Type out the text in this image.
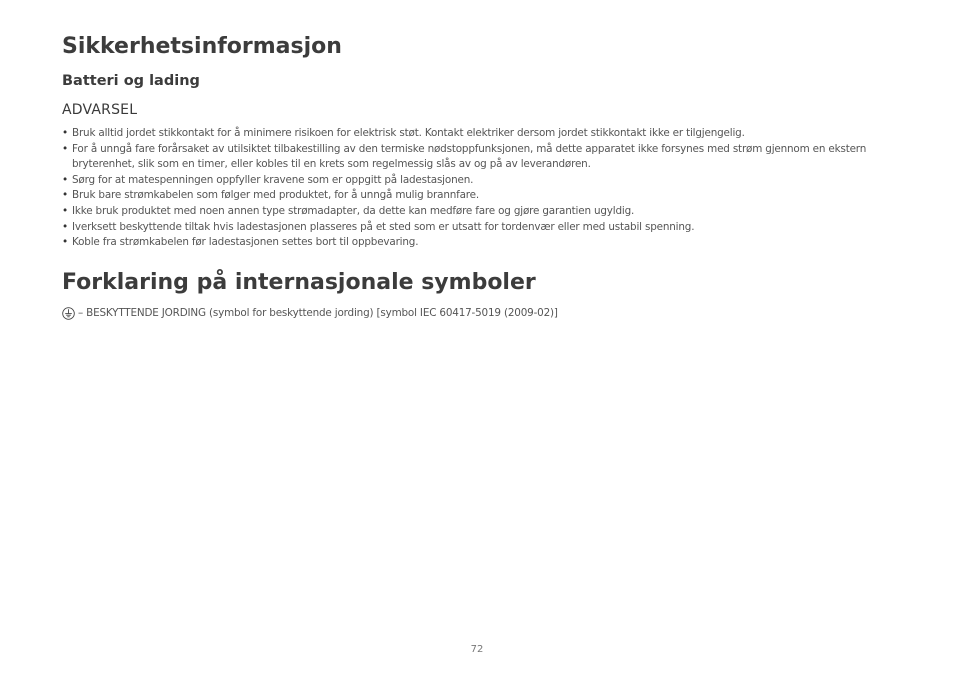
Sikkerhetsinformasjon
Batteri og lading
ADVARSEL
• Bruk alltid jordet stikkontakt for å minimere risikoen for elektrisk støt. Kontakt elektriker dersom jordet stikkontakt ikke er tilgjengelig.
• For å unngå fare forårsaket av utilsiktet tilbakestilling av den termiske nødstoppfunksjonen, må dette apparatet ikke forsynes med strøm gjennom en ekstern bryterenhet, slik som en timer, eller kobles til en krets som regelmessig slås av og på av leverandøren.
• Sørg for at matespenningen oppfyller kravene som er oppgitt på ladestasjonen.
• Bruk bare strømkabelen som følger med produktet, for å unngå mulig brannfare.
• Ikke bruk produktet med noen annen type strømadapter, da dette kan medføre fare og gjøre garantien ugyldig.
• Iverksett beskyttende tiltak hvis ladestasjonen plasseres på et sted som er utsatt for tordenvær eller med ustabil spenning.
• Koble fra strømkabelen før ladestasjonen settes bort til oppbevaring.
Forklaring på internasjonale symboler
– BESKYTTENDE JORDING (symbol for beskyttende jording) [symbol IEC 60417-5019 (2009-02)]
72
